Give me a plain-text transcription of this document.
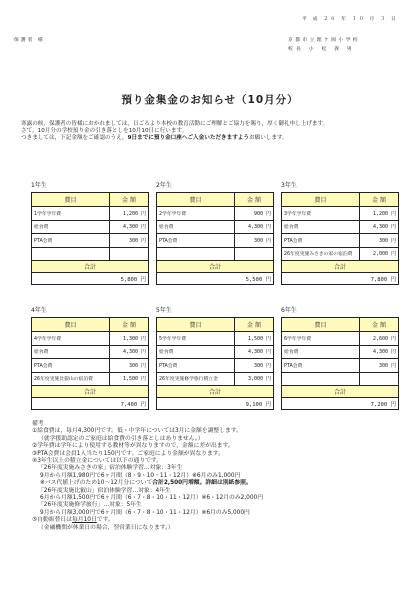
平 成 ２６ 年 １０ 月 ３ 日
保護者 様	京都市立理ケ岡小学校
校長 小 松 義 男
預り金集金のお知らせ（10月分）

寒露の候，保護者の皆様におかれましては，日ごろより本校の教育活動にご理解とご協力を賜り，厚く御礼申し上げます。

さて，10月分の学校預り金の引き落としを10月10日に行います。

つきましては，下記金額をご確認のうえ，9日までに預り金口座へご入金いただきますようお願いします。

1年生
費目	金 額
1学年学年費	1,200 円
給食費	4,300 円
PTA会費	300 円

合計	
5,800 円	
2年生
費目	金 額
2学年学年費	900 円
給食費	4,300 円
PTA会費	300 円

合計	
5,500 円	
3年生
費目	金 額
3学年学年費	1,200 円
給食費	4,300 円
PTA会費	300 円
26年度実施みさきの家の宿泊費	2,000 円
合計	
7,800 円	
4年生
費目	金 額
4学年学年費	1,300 円
給食費	4,300 円
PTA会費	300 円
26年度実施比叡山の宿泊費	1,500 円
合計	
7,400 円	
5年生
費目	金 額
5学年学年費	1,500 円
給食費	4,300 円
PTA会費	300 円
26年度実施修学旅行積立金	3,000 円
合計	
9,100 円	
6年生
費目	金 額
6学年学年費	2,600 円
給食費	4,300 円
PTA会費	300 円

合計	
7,200 円	
備考
①給食費は，毎月4,300円です。低・中学年については3月に金額を調整します。
（就学援助認定のご家庭は給食費の引き落としはありません。）
②学年費は学年により使用する教材等が異なりますので，金額に差が出ます。
③PTA会費は会員1人当たり150円です。ご家庭により金額が異なります。
④3年生以上の積立金については以下の通りです。
「26年度実施みさきの家」宿泊体験学習…対象：3年生
9月から月額1,980円で6ヶ月間（8・9・10・11・12月）※6月のみ1,000円
※バス代値上げのため10～12月分について合計2,500円増額。詳細は別紙参照。
「26年度実施比叡山」宿泊体験学習…対象：4年生
6月から月額1,500円で6ヶ月間（6・7・8・10・11・12月）※6・12月のみ2,000円
「26年度実施修学旅行」…対象：5年生
9月から月額3,000円で6ヶ月間（6・7・8・10・11・12月）※6月のみ5,000円
⑤自動振替日は毎月10日です。
（金融機関が休業日の場合，翌営業日になります。）
